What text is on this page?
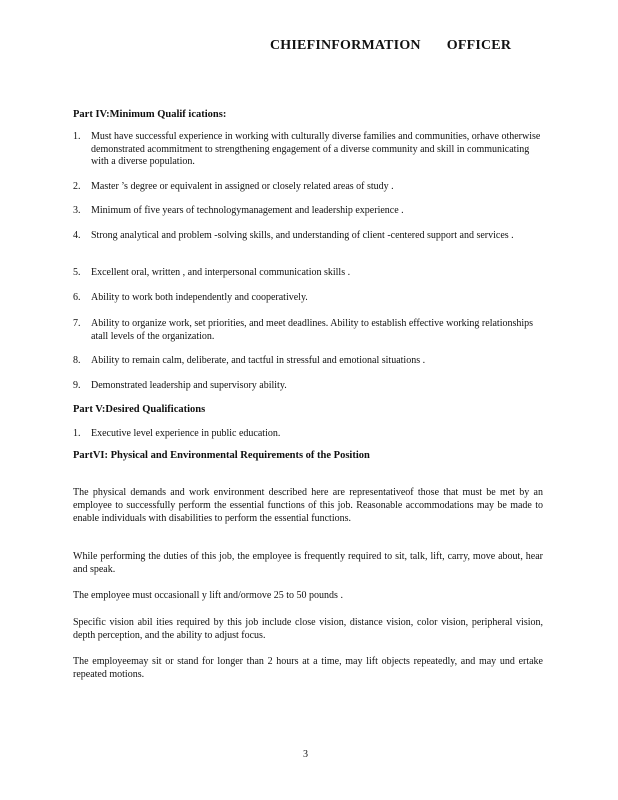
CHIEFINFORMATION OFFICER
Part IV:Minimum Qualif ications:
1. Must have successful experience in working with culturally diverse families and communities, orhave otherwise demonstrated acommitment to strengthening engagement of a diverse community and skill in communicating with a diverse population.
2. Master ’s degree or equivalent in assigned or closely related areas of study .
3. Minimum of five years of technologymanagement and leadership experience .
4. Strong analytical and problem -solving skills, and understanding of client -centered support and services .
5. Excellent oral, written , and interpersonal communication skills .
6. Ability to work both independently and cooperatively.
7. Ability to organize work, set priorities, and meet deadlines. Ability to establish effective working relationships atall levels of the organization.
8. Ability to remain calm, deliberate, and tactful in stressful and emotional situations .
9. Demonstrated leadership and supervisory ability.
Part V:Desired Qualifications
1. Executive level experience in public education.
PartVI: Physical and Environmental Requirements of the Position
The physical demands and work environment described here are representativeof those that must be met by an employee to successfully perform the essential functions of this job. Reasonable accommodations may be made to enable individuals with disabilities to perform the essential functions.
While performing the duties of this job, the employee is frequently required to sit, talk, lift, carry, move about, hear and speak.
The employee must occasionall y lift and/ormove 25 to 50 pounds .
Specific vision abil ities required by this job include close vision, distance vision, color vision, peripheral vision, depth perception, and the ability to adjust focus.
The employeemay sit or stand for longer than 2 hours at a time, may lift objects repeatedly, and may und ertake repeated motions.
3
